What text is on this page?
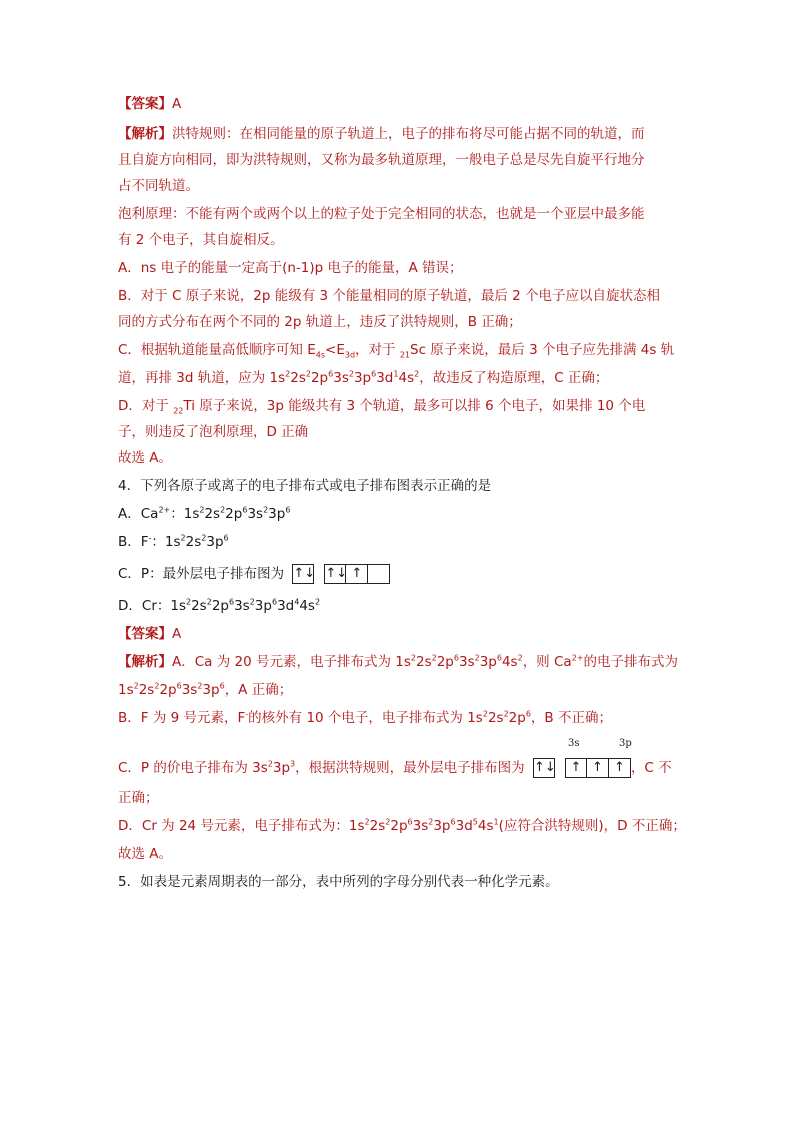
【答案】A
【解析】洪特规则：在相同能量的原子轨道上，电子的排布将尽可能占据不同的轨道，而
且自旋方向相同，即为洪特规则，又称为最多轨道原理，一般电子总是尽先自旋平行地分
占不同轨道。
泡利原理：不能有两个或两个以上的粒子处于完全相同的状态，也就是一个亚层中最多能
有 2 个电子，其自旋相反。
A．ns 电子的能量一定高于(n-1)p 电子的能量，A 错误；
B．对于 C 原子来说，2p 能级有 3 个能量相同的原子轨道，最后 2 个电子应以自旋状态相
同的方式分布在两个不同的 2p 轨道上，违反了洪特规则，B 正确；
C．根据轨道能量高低顺序可知 $E_{4s}<E_{3d}$，对于 $_{21}$Sc 原子来说，最后 3 个电子应先排满 4s 轨
道，再排 3d 轨道，应为 $1s^22s^22p^63s^23p^63d^14s^2$，故违反了构造原理，C 正确；
D．对于 $_{22}$Ti 原子来说，3p 能级共有 3 个轨道，最多可以排 6 个电子，如果排 10 个电
子，则违反了泡利原理，D 正确
故选 A。
4．下列各原子或离子的电子排布式或电子排布图表示正确的是
A．$Ca^{2+}$：$1s^22s^22p^63s^23p^6$
B．F-：$1s^22s^23p^6$
C．P：最外层电子排布图为 ↑↓ ↑↓ ↑
D．Cr：$1s^22s^22p^63s^23p^63d^44s^2$
【答案】A
【解析】A．Ca 为 20 号元素，电子排布式为 $1s^22s^22p^63s^23p^64s^2$，则 $Ca^{2+}$的电子排布式为
$1s^22s^22p^63s^23p^6$，A 正确；
B．F 为 9 号元素，F-的核外有 10 个电子，电子排布式为 $1s^22s^22p^6$，B 不正确；
3s	3p
C．P 的价电子排布为 $3s^23p^3$，根据洪特规则，最外层电子排布图为 ↑↓ ↑ ↑ ↑ ，C 不
正确；
D．Cr 为 24 号元素，电子排布式为：$1s^22s^22p^63s^23p^63d^54s^1$(应符合洪特规则)，D 不正确；
故选 A。
5．如表是元素周期表的一部分，表中所列的字母分别代表一种化学元素。
